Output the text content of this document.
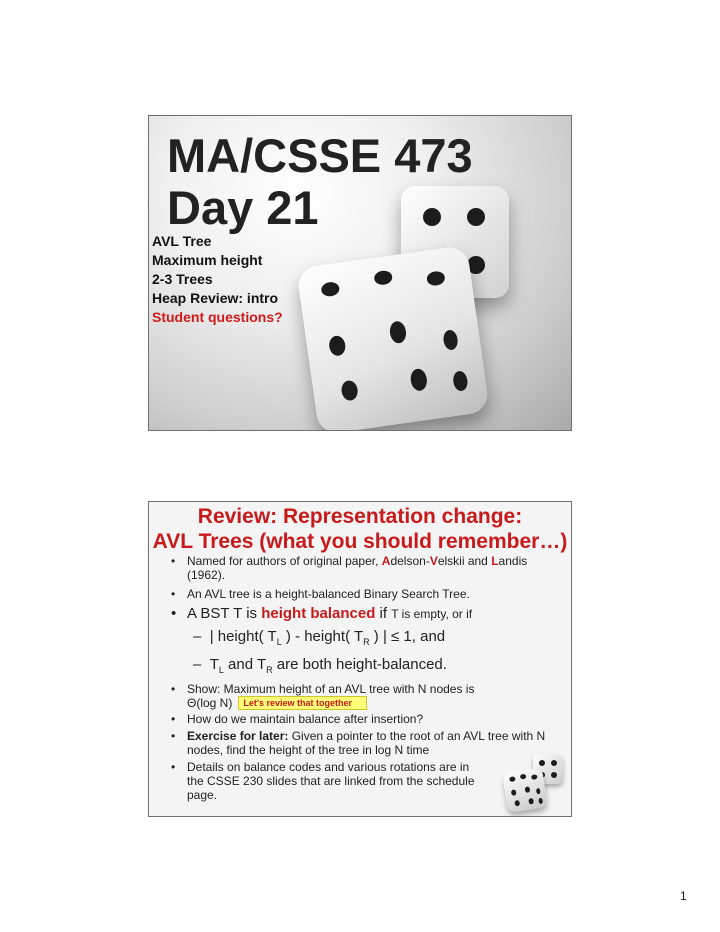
MA/CSSE 473
Day 21
AVL Tree
Maximum height
2-3 Trees
Heap Review: intro
Student questions?
Review: Representation change:
AVL Trees (what you should remember…)
• Named for authors of original paper, Adelson-Velskii and Landis (1962).
• An AVL tree is a height-balanced Binary Search Tree.
• A BST T is height balanced if T is empty, or if
– | height( $T_L$ ) - height( $T_R$ ) | ≤ 1, and
– $T_L$ and $T_R$ are both height-balanced.
• Show: Maximum height of an AVL tree with N nodes is
Θ(log N) Let's review that together
• How do we maintain balance after insertion?
• Exercise for later: Given a pointer to the root of an AVL tree with N nodes, find the height of the tree in log N time
• Details on balance codes and various rotations are in the CSSE 230 slides that are linked from the schedule page.
1
